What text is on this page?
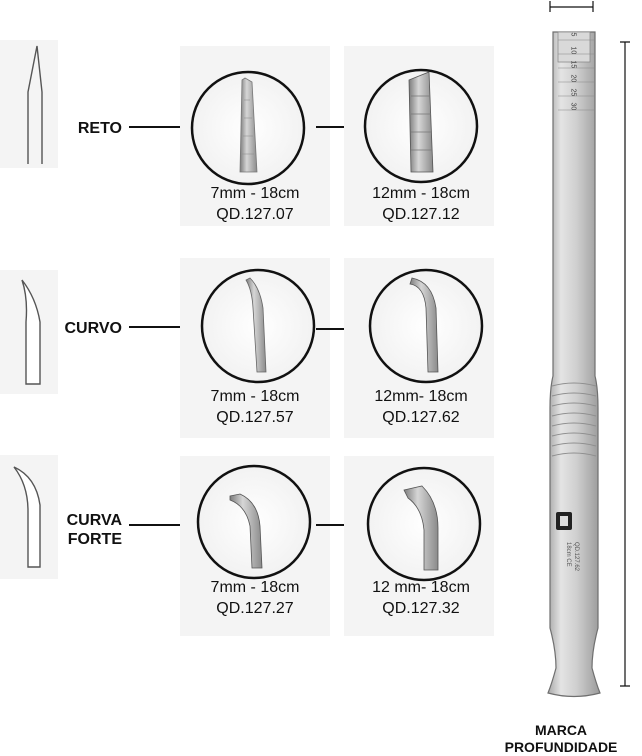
RETO
7mm - 18cm
QD.127.07
12mm - 18cm
QD.127.12
CURVO
7mm - 18cm
QD.127.57
12mm- 18cm
QD.127.62
CURVA
FORTE
7mm - 18cm
QD.127.27
12 mm- 18cm
QD.127.32
5
10
15
20
25
30
QD.127.62 18cm CE
MARCA
PROFUNDIDADE
